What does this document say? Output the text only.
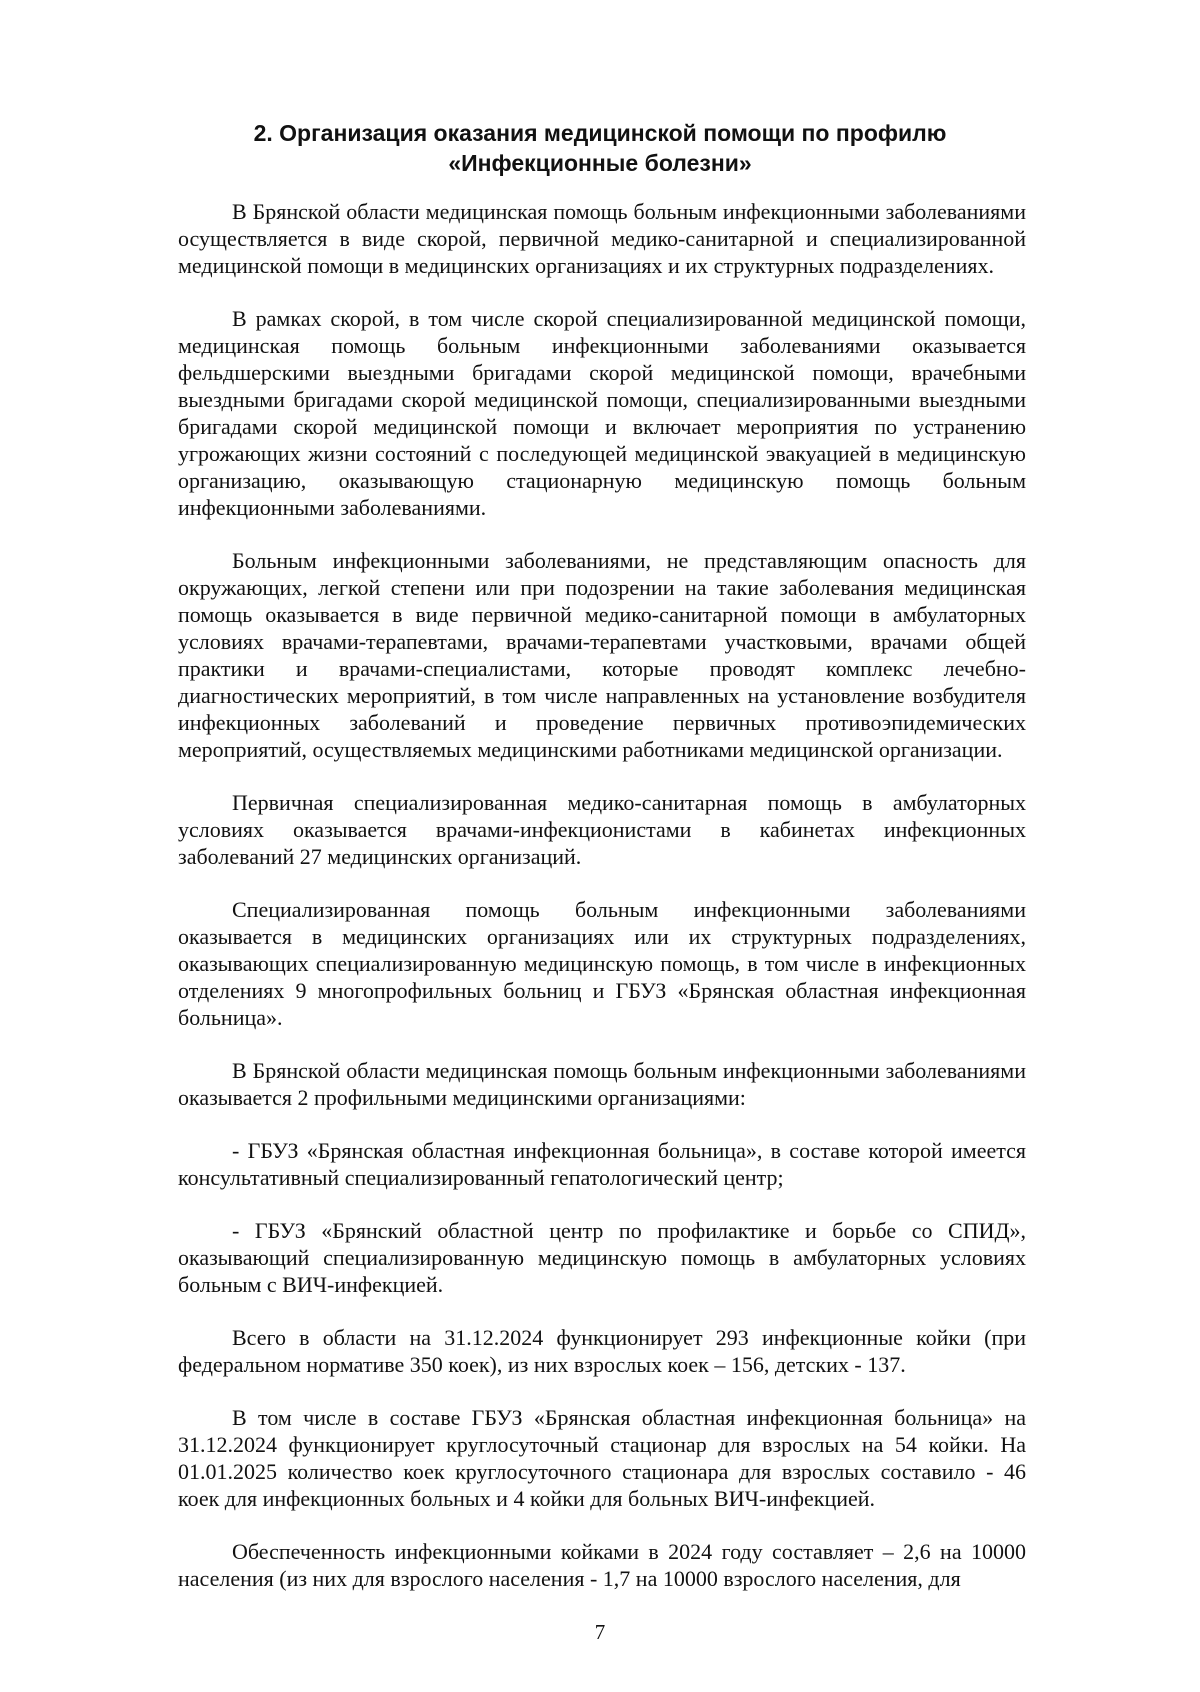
2. Организация оказания медицинской помощи по профилю
«Инфекционные болезни»

В Брянской области медицинская помощь больным инфекционными заболеваниями осуществляется в виде скорой, первичной медико-санитарной и специализированной медицинской помощи в медицинских организациях и их структурных подразделениях.

В рамках скорой, в том числе скорой специализированной медицинской помощи, медицинская помощь больным инфекционными заболеваниями оказывается фельдшерскими выездными бригадами скорой медицинской помощи, врачебными выездными бригадами скорой медицинской помощи, специализированными выездными бригадами скорой медицинской помощи и включает мероприятия по устранению угрожающих жизни состояний с последующей медицинской эвакуацией в медицинскую организацию, оказывающую стационарную медицинскую помощь больным инфекционными заболеваниями.

Больным инфекционными заболеваниями, не представляющим опасность для окружающих, легкой степени или при подозрении на такие заболевания медицинская помощь оказывается в виде первичной медико-санитарной помощи в амбулаторных условиях врачами-терапевтами, врачами-терапевтами участковыми, врачами общей практики и врачами-специалистами, которые проводят комплекс лечебно-диагностических мероприятий, в том числе направленных на установление возбудителя инфекционных заболеваний и проведение первичных противоэпидемических мероприятий, осуществляемых медицинскими работниками медицинской организации.

Первичная специализированная медико-санитарная помощь в амбулаторных условиях оказывается врачами-инфекционистами в кабинетах инфекционных заболеваний 27 медицинских организаций.

Специализированная помощь больным инфекционными заболеваниями оказывается в медицинских организациях или их структурных подразделениях, оказывающих специализированную медицинскую помощь, в том числе в инфекционных отделениях 9 многопрофильных больниц и ГБУЗ «Брянская областная инфекционная больница».

В Брянской области медицинская помощь больным инфекционными заболеваниями оказывается 2 профильными медицинскими организациями:

- ГБУЗ «Брянская областная инфекционная больница», в составе которой имеется консультативный специализированный гепатологический центр;

- ГБУЗ «Брянский областной центр по профилактике и борьбе со СПИД», оказывающий специализированную медицинскую помощь в амбулаторных условиях больным с ВИЧ-инфекцией.

Всего в области на 31.12.2024 функционирует 293 инфекционные койки (при федеральном нормативе 350 коек), из них взрослых коек – 156, детских - 137.

В том числе в составе ГБУЗ «Брянская областная инфекционная больница» на 31.12.2024 функционирует круглосуточный стационар для взрослых на 54 койки. На 01.01.2025 количество коек круглосуточного стационара для взрослых составило - 46 коек для инфекционных больных и 4 койки для больных ВИЧ-инфекцией.

Обеспеченность инфекционными койками в 2024 году составляет – 2,6 на 10000 населения (из них для взрослого населения - 1,7 на 10000 взрослого населения, для

7
